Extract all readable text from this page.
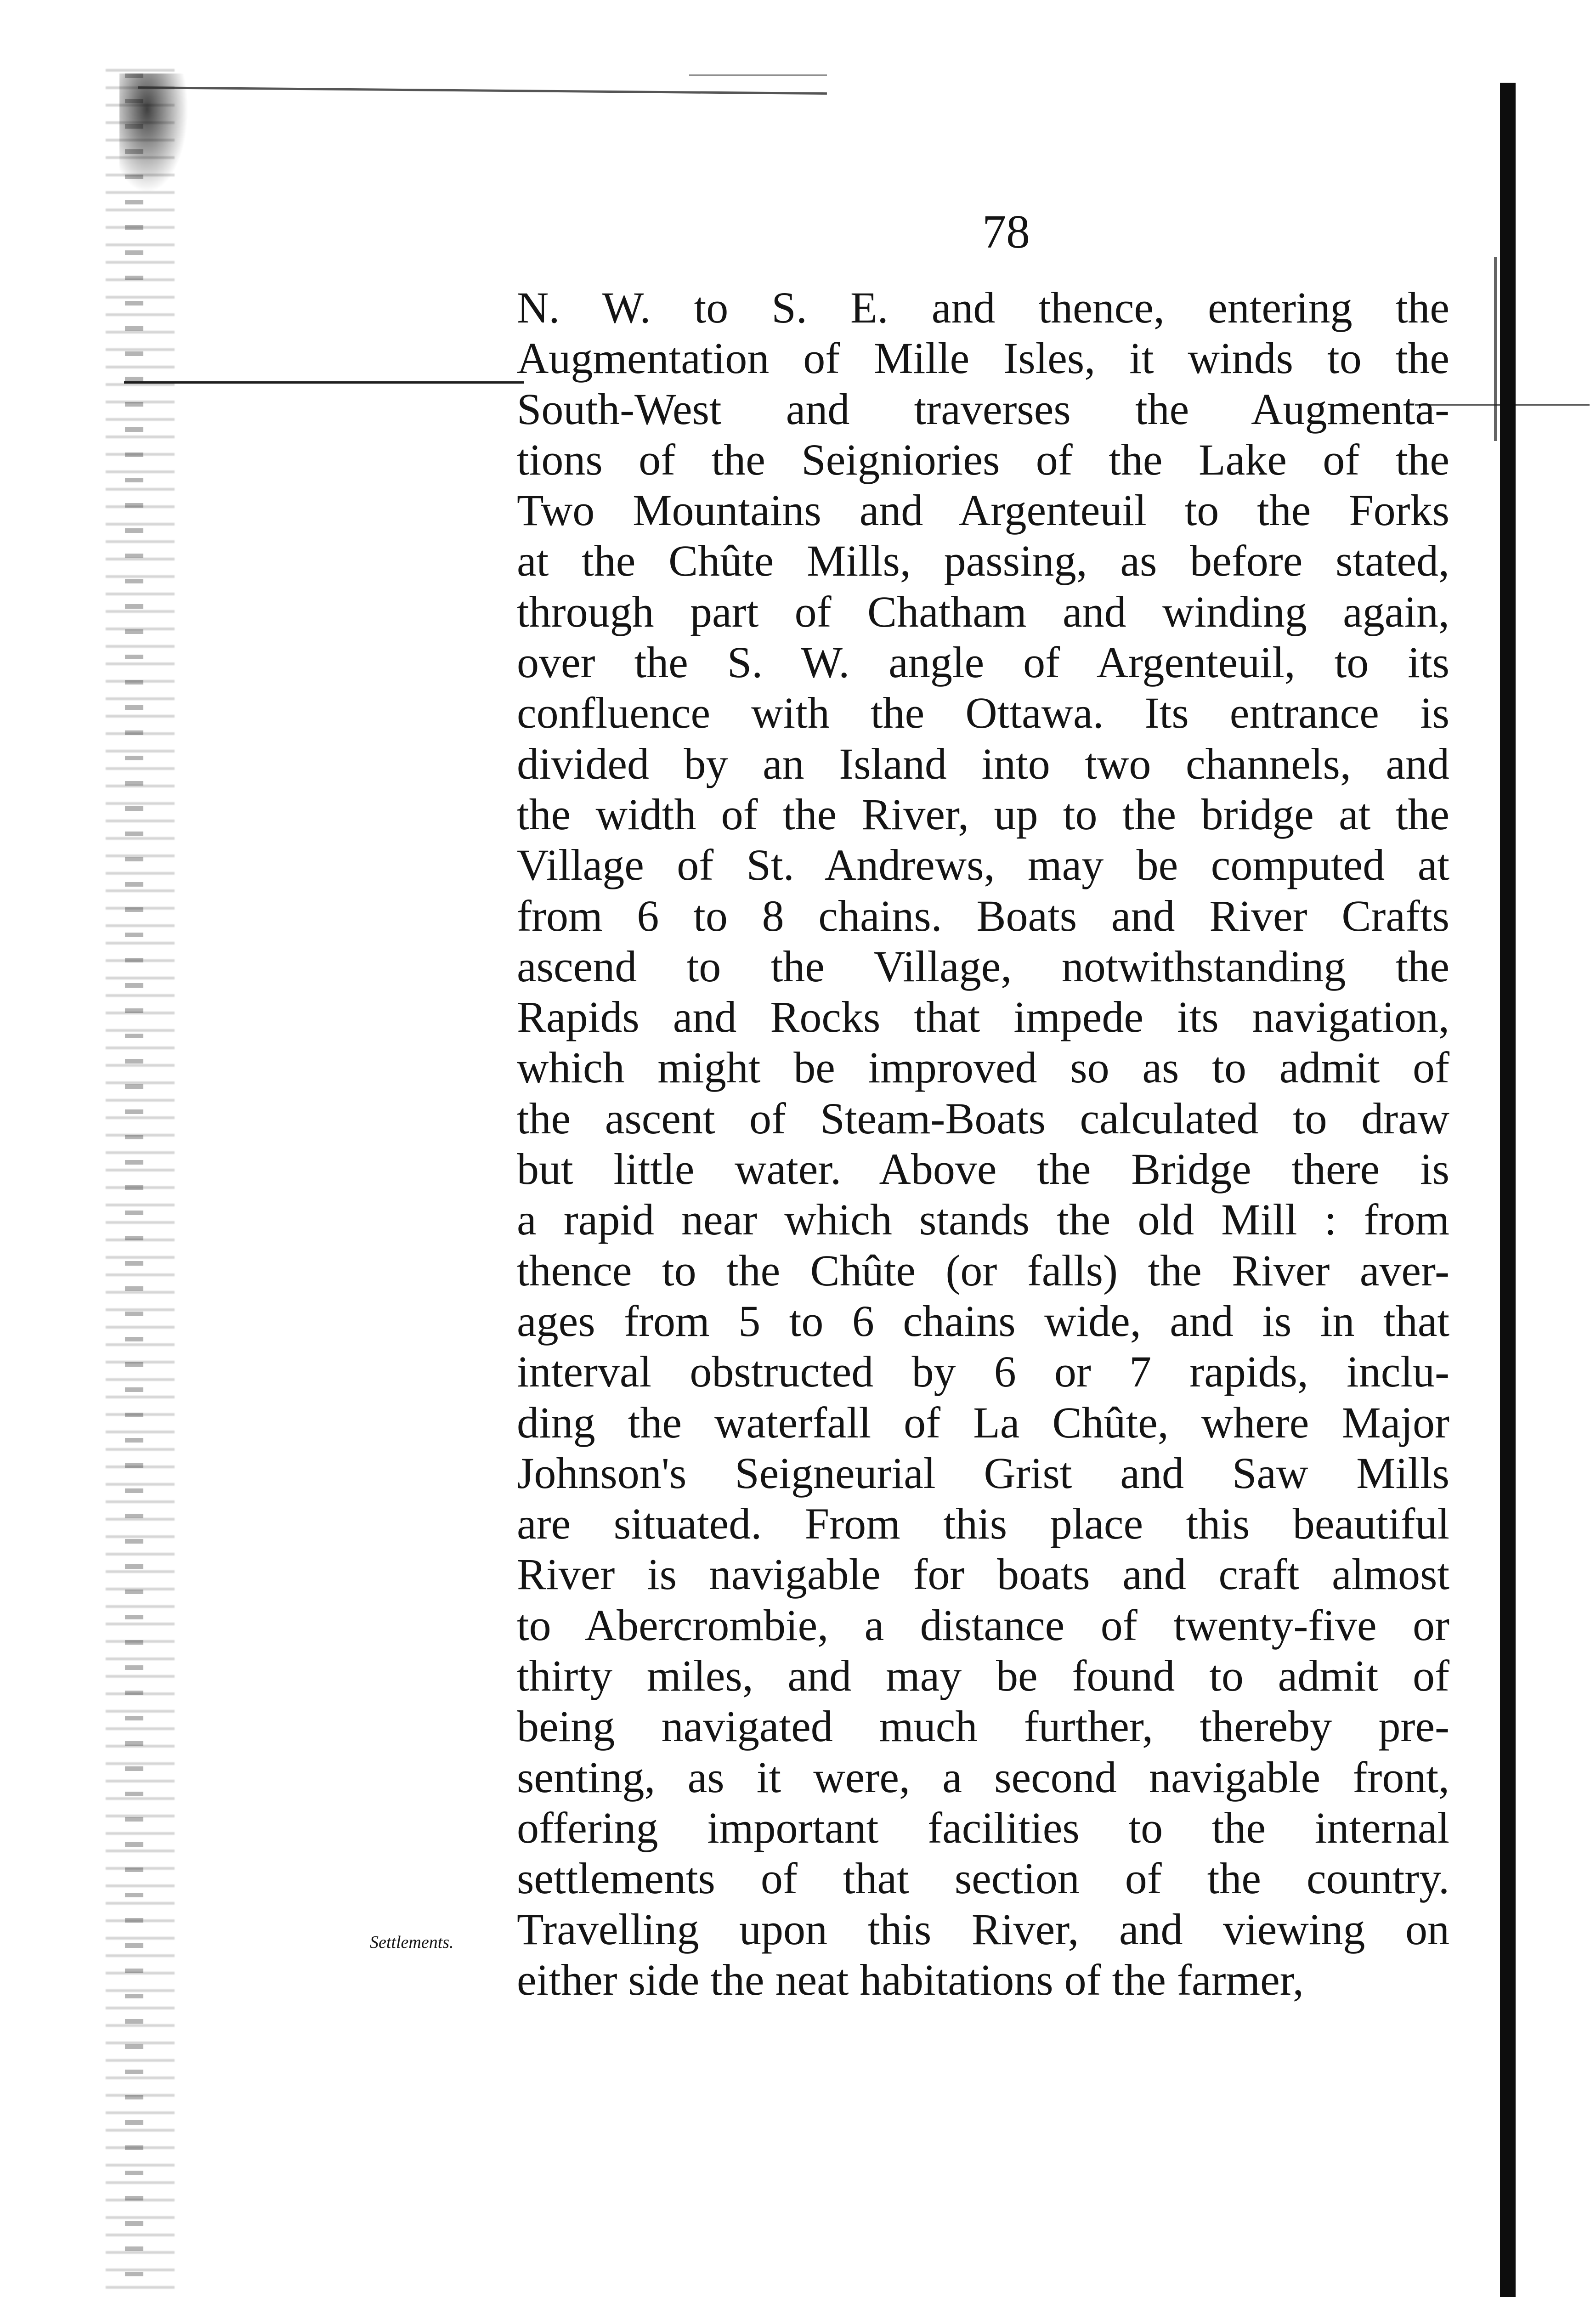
78

Settlements.

N. W. to S. E. and thence, entering the
Augmentation of Mille Isles, it winds to the
South-West and traverses the Augmenta-
tions of the Seigniories of the Lake of the
Two Mountains and Argenteuil to the Forks
at the Chûte Mills, passing, as before stated,
through part of Chatham and winding again,
over the S. W. angle of Argenteuil, to its
confluence with the Ottawa. Its entrance is
divided by an Island into two channels, and
the width of the River, up to the bridge at the
Village of St. Andrews, may be computed at
from 6 to 8 chains. Boats and River Crafts
ascend to the Village, notwithstanding the
Rapids and Rocks that impede its navigation,
which might be improved so as to admit of
the ascent of Steam-Boats calculated to draw
but little water. Above the Bridge there is
a rapid near which stands the old Mill : from
thence to the Chûte (or falls) the River aver-
ages from 5 to 6 chains wide, and is in that
interval obstructed by 6 or 7 rapids, inclu-
ding the waterfall of La Chûte, where Major
Johnson's Seigneurial Grist and Saw Mills
are situated. From this place this beautiful
River is navigable for boats and craft almost
to Abercrombie, a distance of twenty-five or
thirty miles, and may be found to admit of
being navigated much further, thereby pre-
senting, as it were, a second navigable front,
offering important facilities to the internal
settlements of that section of the country.
Travelling upon this River, and viewing on
either side the neat habitations of the farmer,
